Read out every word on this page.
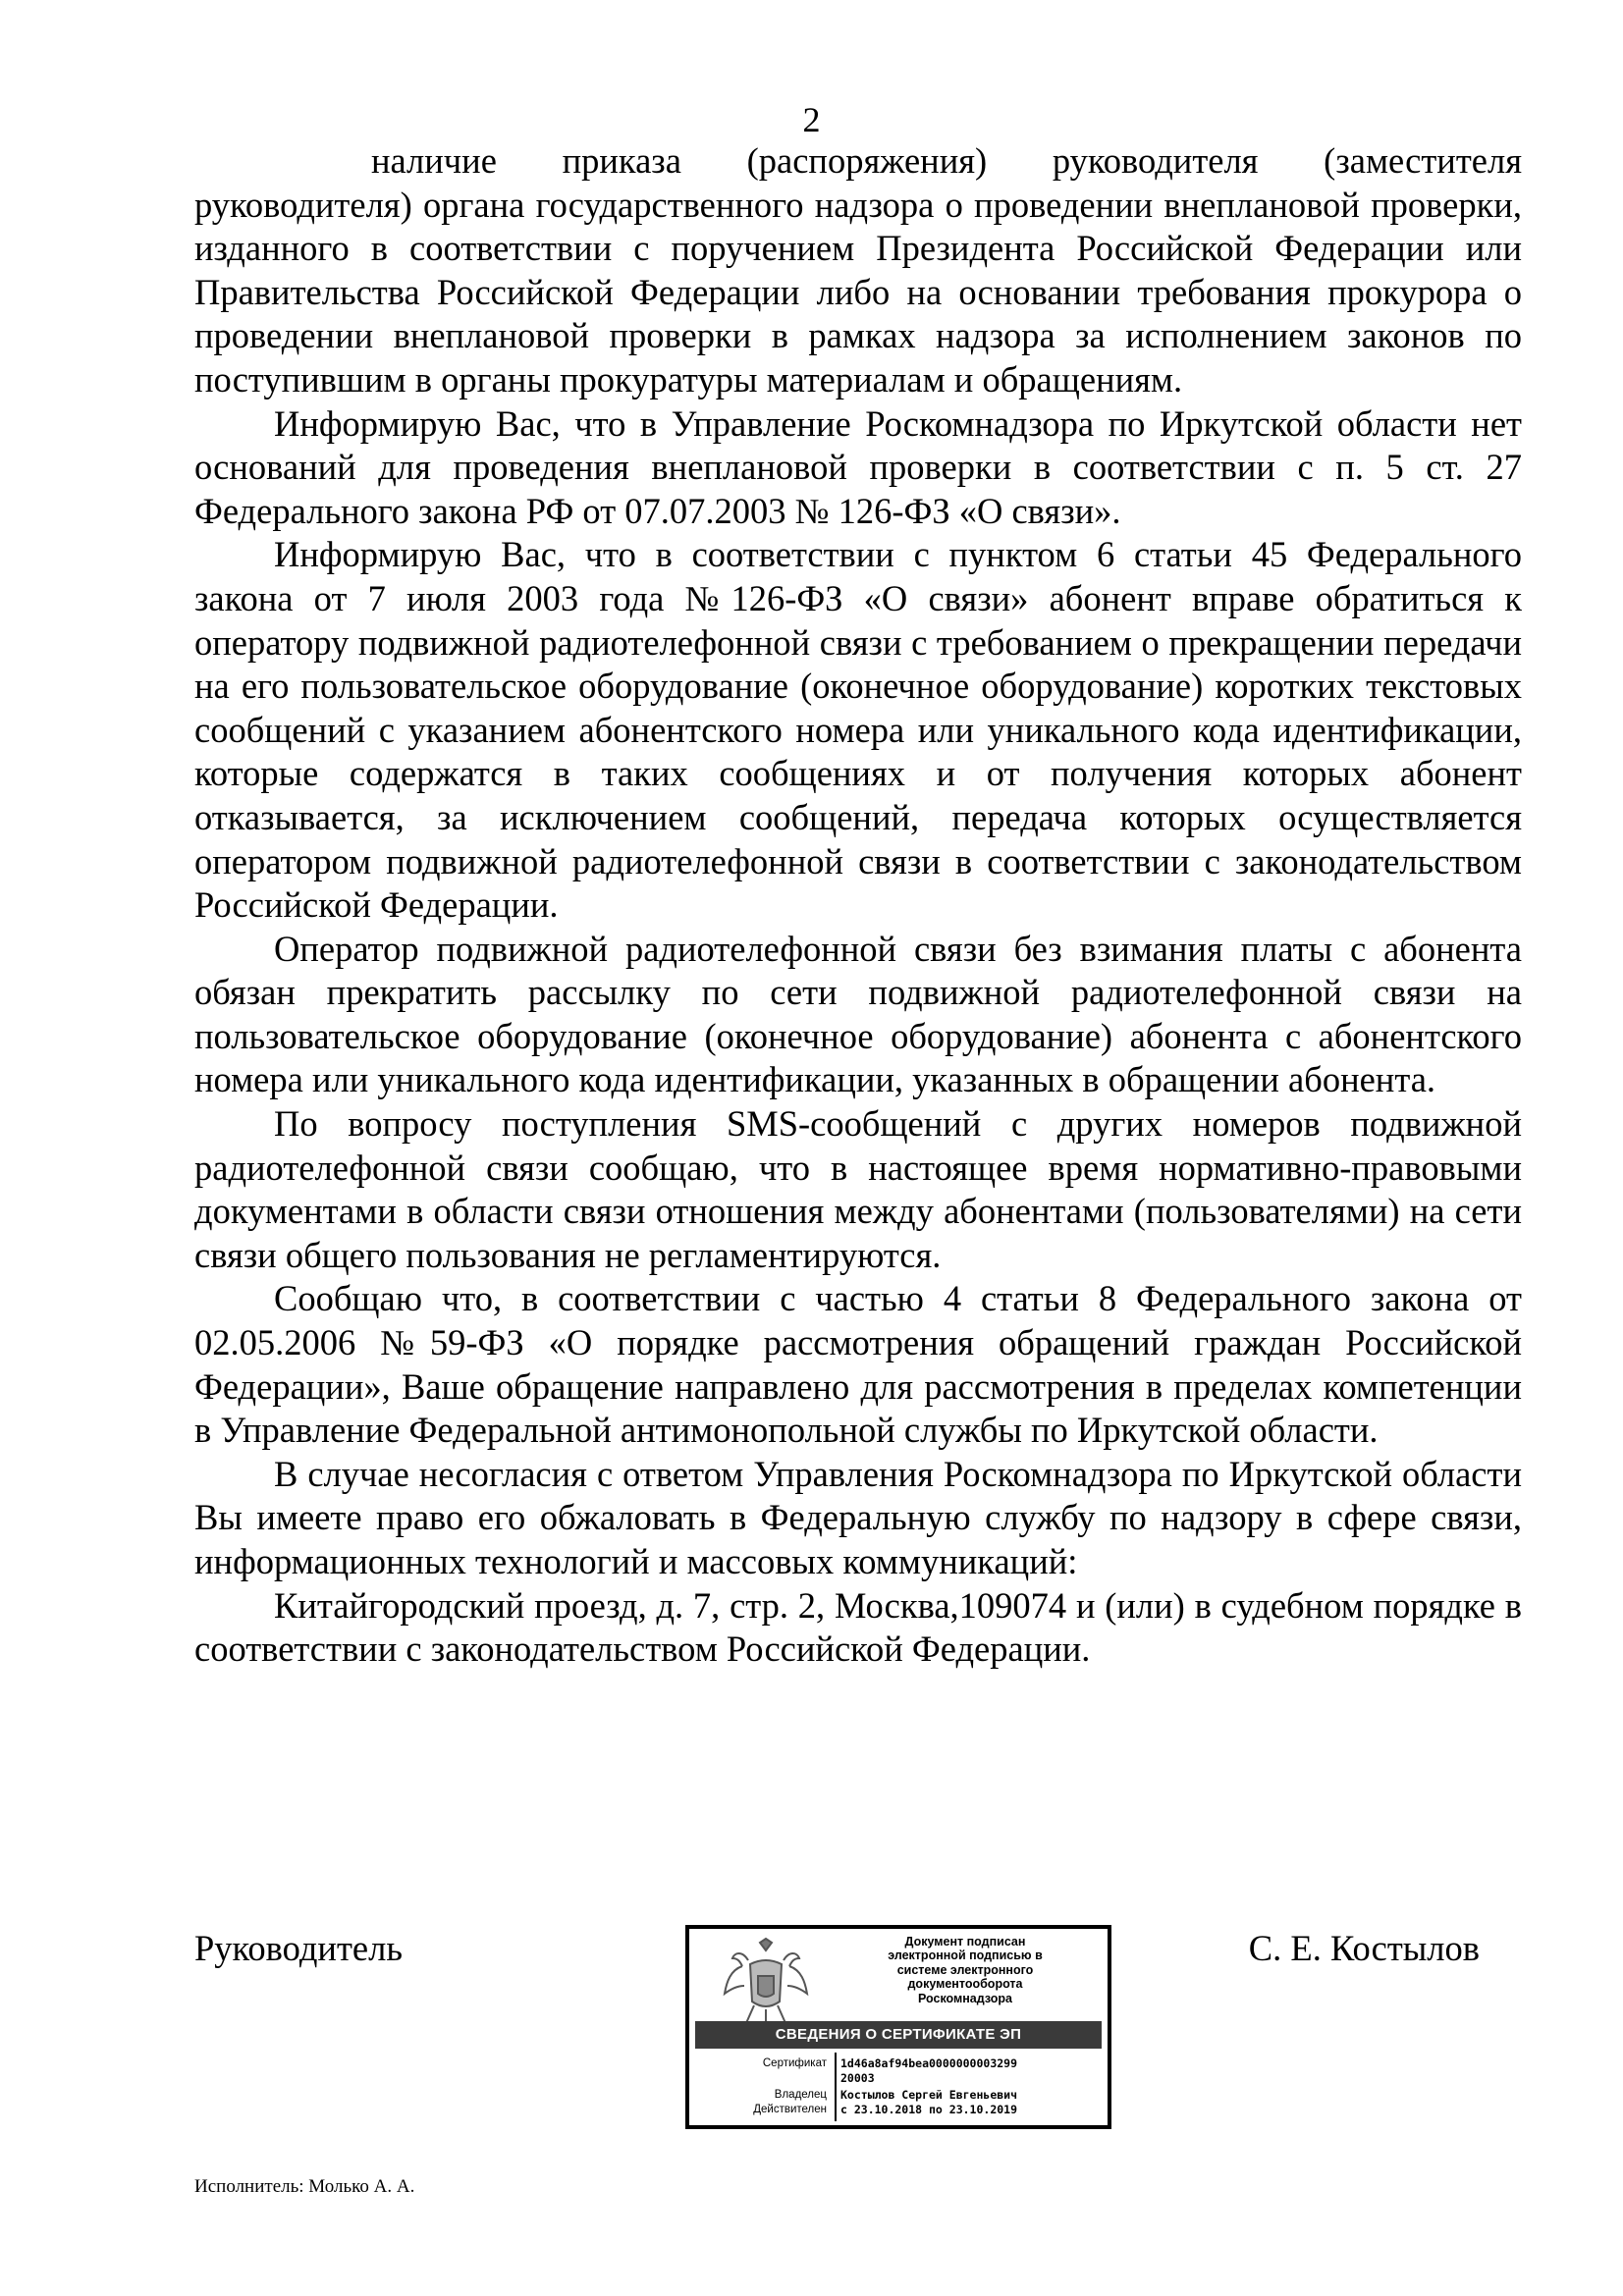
2

наличие приказа (распоряжения) руководителя (заместителя руководителя) органа государственного надзора о проведении внеплановой проверки, изданного в соответствии с поручением Президента Российской Федерации или Правительства Российской Федерации либо на основании требования прокурора о проведении внеплановой проверки в рамках надзора за исполнением законов по поступившим в органы прокуратуры материалам и обращениям.

Информирую Вас, что в Управление Роскомнадзора по Иркутской области нет оснований для проведения внеплановой проверки в соответствии с п. 5 ст. 27 Федерального закона РФ от 07.07.2003 № 126-ФЗ «О связи».

Информирую Вас, что в соответствии с пунктом 6 статьи 45 Федерального закона от 7 июля 2003 года №126-ФЗ «О связи» абонент вправе обратиться к оператору подвижной радиотелефонной связи с требованием о прекращении передачи на его пользовательское оборудование (оконечное оборудование) коротких текстовых сообщений с указанием абонентского номера или уникального кода идентификации, которые содержатся в таких сообщениях и от получения которых абонент отказывается, за исключением сообщений, передача которых осуществляется оператором подвижной радиотелефонной связи в соответствии с законодательством Российской Федерации.

Оператор подвижной радиотелефонной связи без взимания платы с абонента обязан прекратить рассылку по сети подвижной радиотелефонной связи на пользовательское оборудование (оконечное оборудование) абонента с абонентского номера или уникального кода идентификации, указанных в обращении абонента.

По вопросу поступления SMS-сообщений с других номеров подвижной радиотелефонной связи сообщаю, что в настоящее время нормативно-правовыми документами в области связи отношения между абонентами (пользователями) на сети связи общего пользования не регламентируются.

Сообщаю что, в соответствии с частью 4 статьи 8 Федерального закона от 02.05.2006 №59-ФЗ «О порядке рассмотрения обращений граждан Российской Федерации», Ваше обращение направлено для рассмотрения в пределах компетенции в Управление Федеральной антимонопольной службы по Иркутской области.

В случае несогласия с ответом Управления Роскомнадзора по Иркутской области Вы имеете право его обжаловать в Федеральную службу по надзору в сфере связи, информационных технологий и массовых коммуникаций:

Китайгородский проезд, д. 7, стр. 2, Москва,109074 и (или) в судебном порядке в соответствии с законодательством Российской Федерации.

Руководитель	С. Е. Костылов
Документ подписан
электронной подписью в
системе электронного
документооборота
Роскомнадзора
СВЕДЕНИЯ О СЕРТИФИКАТЕ ЭП
Сертификат 1d46a8af94bea0000000003299
20003
Владелец Костылов Сергей Евгеньевич
Действителен с 23.10.2018 по 23.10.2019
Исполнитель: Молько А. А.
